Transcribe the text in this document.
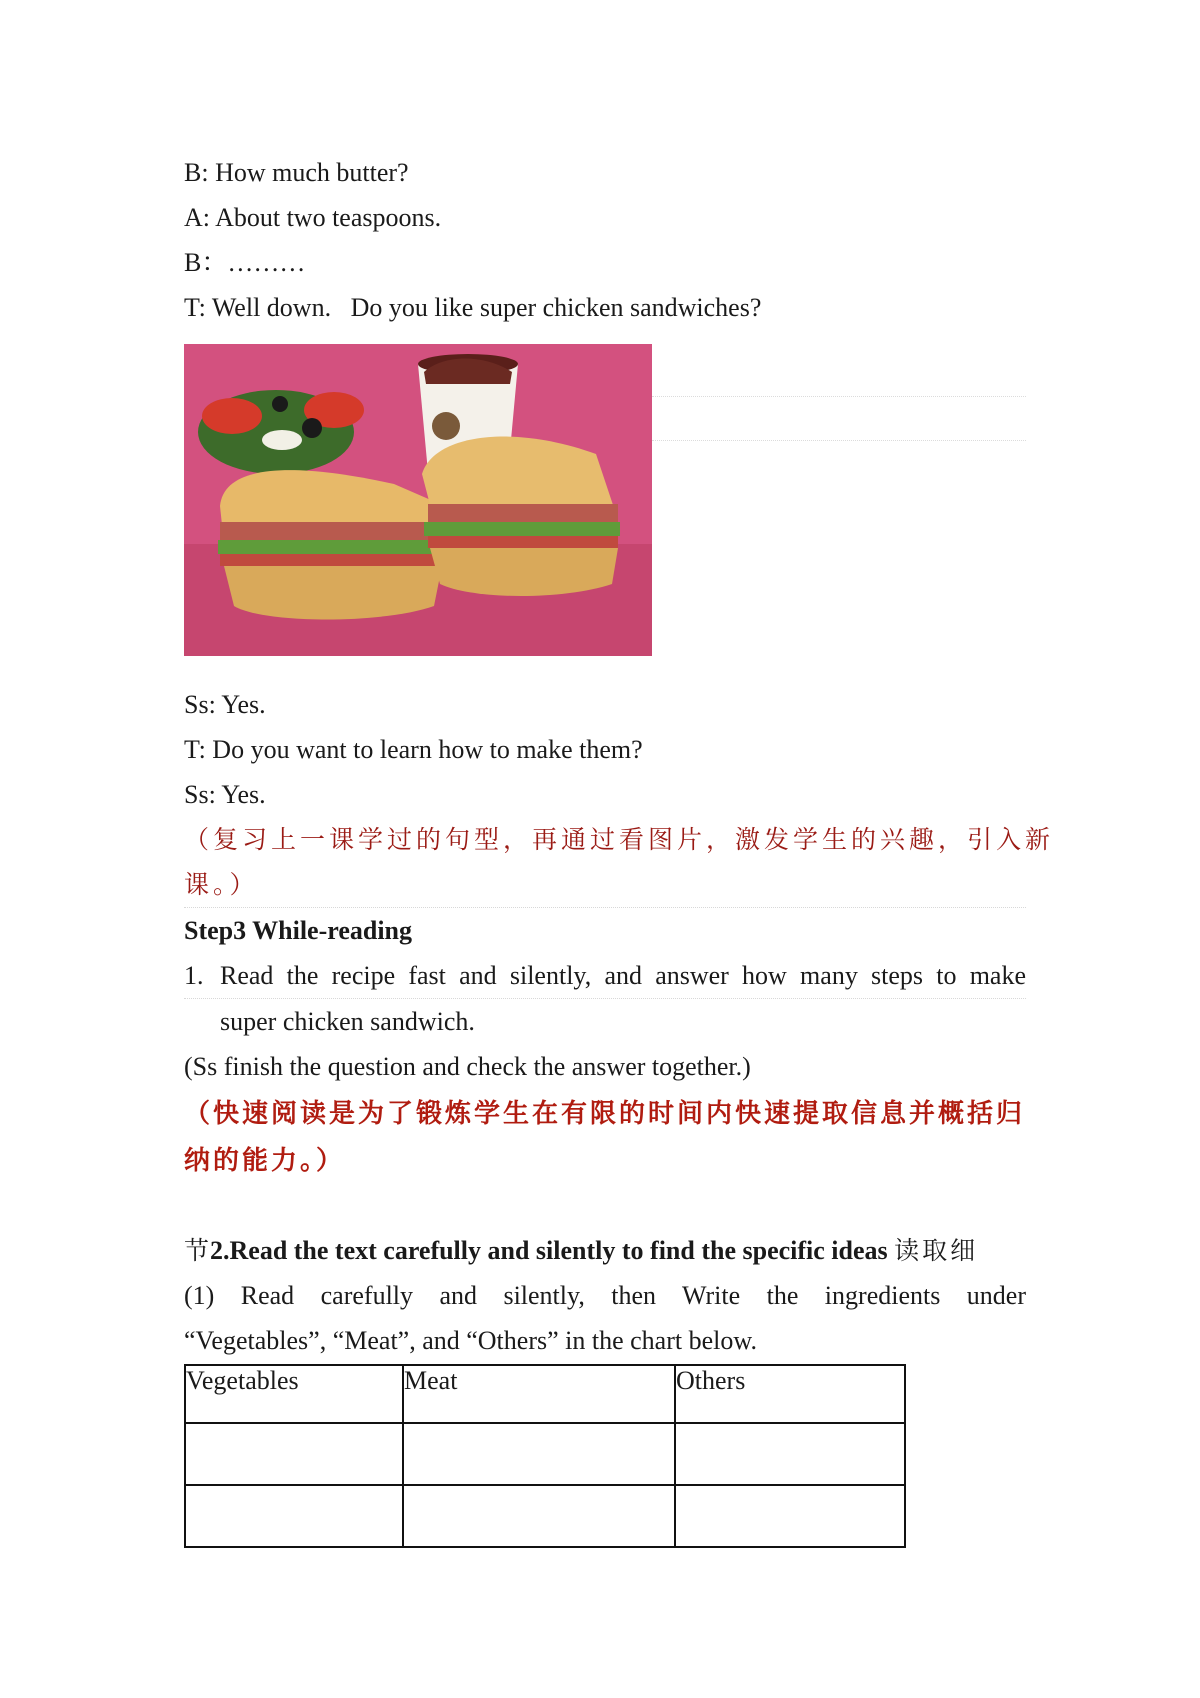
B: How much butter?
A: About two teaspoons.
B：………
T: Well down.   Do you like super chicken sandwiches?
Ss: Yes.
T: Do you want to learn how to make them?
Ss: Yes.
（复习上一课学过的句型，再通过看图片，激发学生的兴趣，引入新
课。）
Step3 While-reading
1. Read the recipe fast and silently, and answer how many steps to make
super chicken sandwich.
(Ss finish the question and check the answer together.)
（快速阅读是为了锻炼学生在有限的时间内快速提取信息并概括归
纳的能力。）

2.Read the text carefully and silently to find the specific ideas 读取细

节
(1) Read carefully and silently, then Write the ingredients under
“Vegetables”, “Meat”, and “Others” in the chart below.
Vegetables	Meat	Others
